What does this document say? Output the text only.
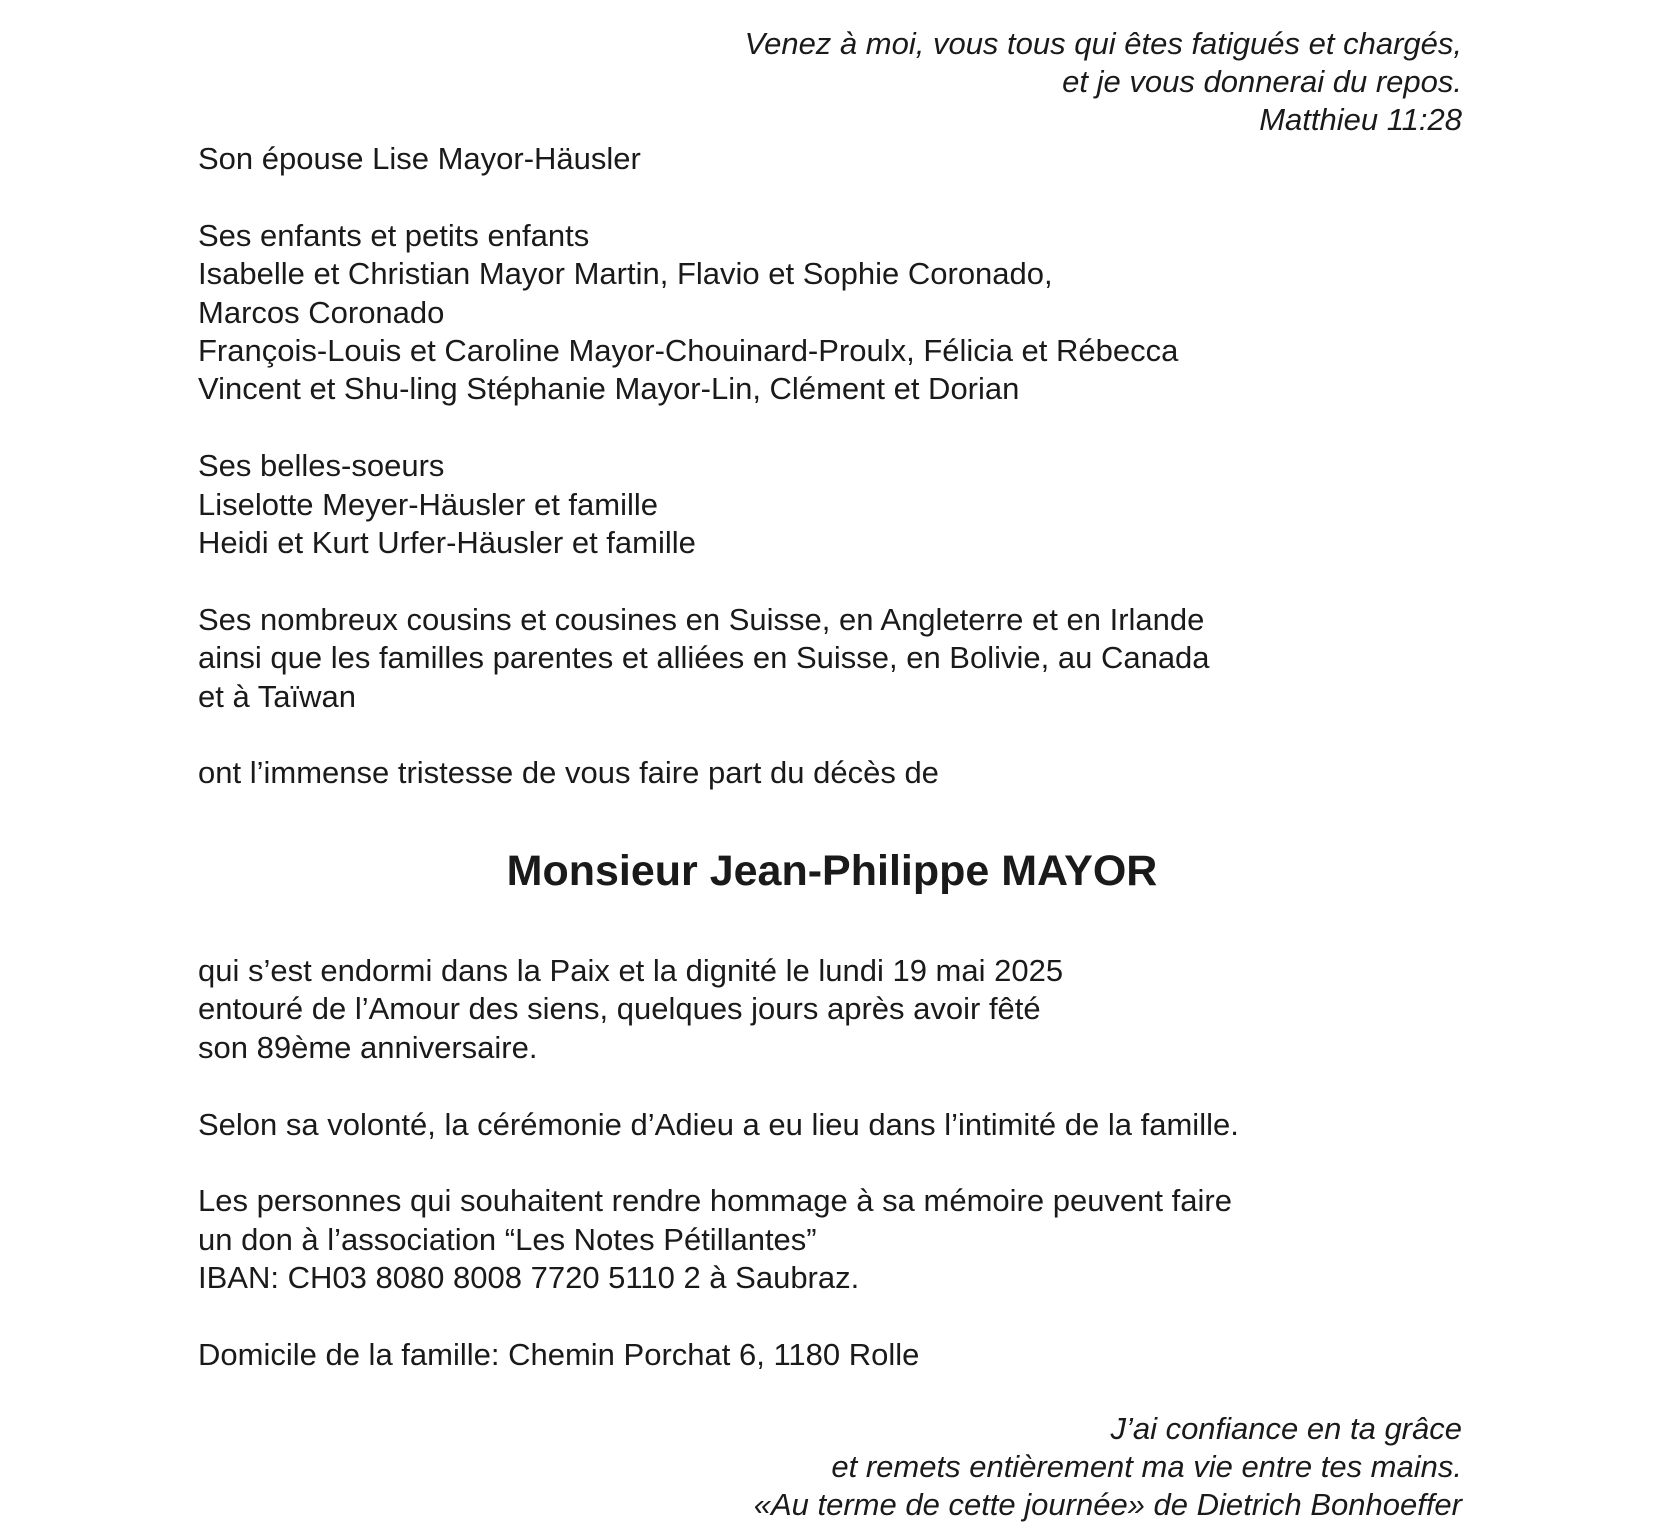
Venez à moi, vous tous qui êtes fatigués et chargés,
et je vous donnerai du repos.
Matthieu 11:28
Son épouse Lise Mayor-Häusler
Ses enfants et petits enfants
Isabelle et Christian Mayor Martin, Flavio et Sophie Coronado,
Marcos Coronado
François-Louis et Caroline Mayor-Chouinard-Proulx, Félicia et Rébecca
Vincent et Shu-ling Stéphanie Mayor-Lin, Clément et Dorian
Ses belles-soeurs
Liselotte Meyer-Häusler et famille
Heidi et Kurt Urfer-Häusler et famille
Ses nombreux cousins et cousines en Suisse, en Angleterre et en Irlande
ainsi que les familles parentes et alliées en Suisse, en Bolivie, au Canada
et à Taïwan
ont l’immense tristesse de vous faire part du décès de
Monsieur Jean-Philippe MAYOR
qui s’est endormi dans la Paix et la dignité le lundi 19 mai 2025
entouré de l’Amour des siens, quelques jours après avoir fêté
son 89ème anniversaire.
Selon sa volonté, la cérémonie d’Adieu a eu lieu dans l’intimité de la famille.
Les personnes qui souhaitent rendre hommage à sa mémoire peuvent faire
un don à l’association “Les Notes Pétillantes”
IBAN: CH03 8080 8008 7720 5110 2 à Saubraz.
Domicile de la famille: Chemin Porchat 6, 1180 Rolle
J’ai confiance en ta grâce
et remets entièrement ma vie entre tes mains.
«Au terme de cette journée» de Dietrich Bonhoeffer
